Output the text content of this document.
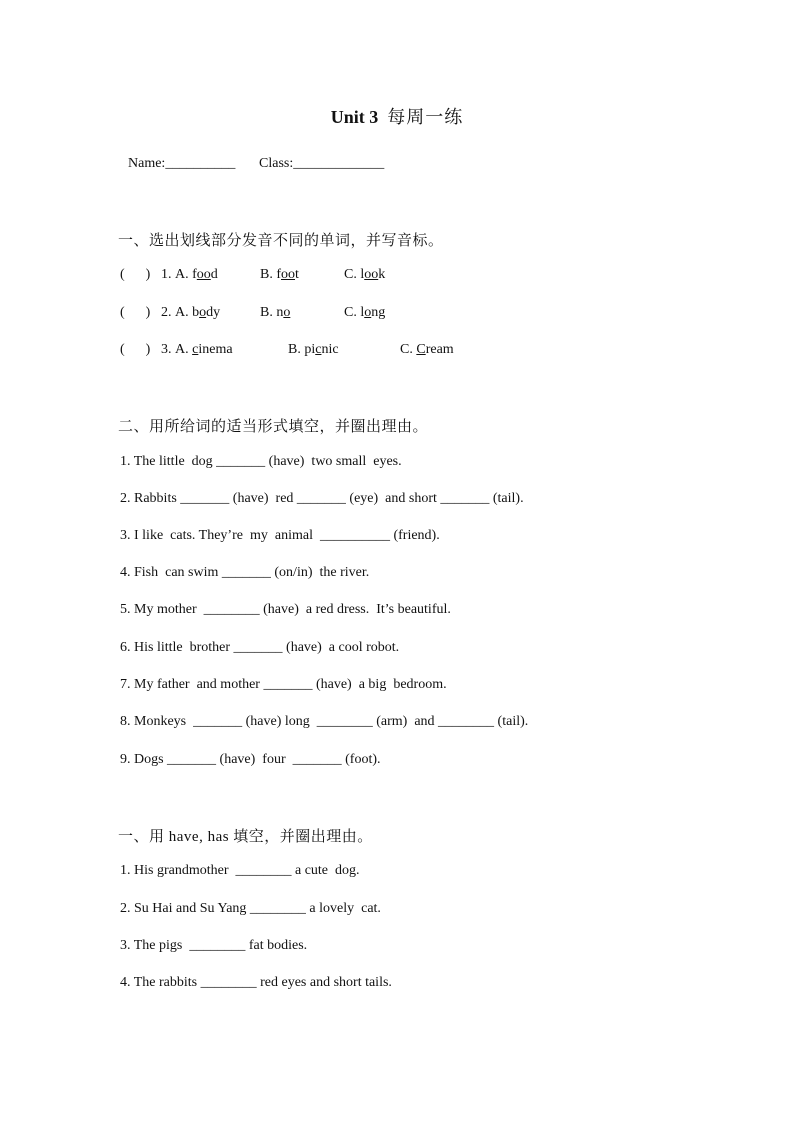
Unit 3 每周一练
Name:__________ Class:_____________
一、选出划线部分发音不同的单词，并写音标。
(      ) 1. A. food	B. foot	C. look
(      ) 2. A. body	B. no	C. long
(      ) 3. A. cinema	B. picnic	C. Cream
二、用所给词的适当形式填空，并圈出理由。
1. The little  dog _______ (have)  two small  eyes.
2. Rabbits _______ (have)  red _______ (eye)  and short _______ (tail).
3. I like  cats. They’re  my  animal  __________ (friend).
4. Fish  can swim _______ (on/in)  the river.
5. My mother  ________ (have)  a red dress.  It’s beautiful.
6. His little  brother _______ (have)  a cool robot.
7. My father  and mother _______ (have)  a big  bedroom.
8. Monkeys  _______ (have) long  ________ (arm)  and ________ (tail).
9. Dogs _______ (have)  four  _______ (foot).
一、用 have, has 填空，并圈出理由。
1. His grandmother  ________ a cute  dog.
2. Su Hai and Su Yang ________ a lovely  cat.
3. The pigs  ________ fat bodies.
4. The rabbits ________ red eyes and short tails.
